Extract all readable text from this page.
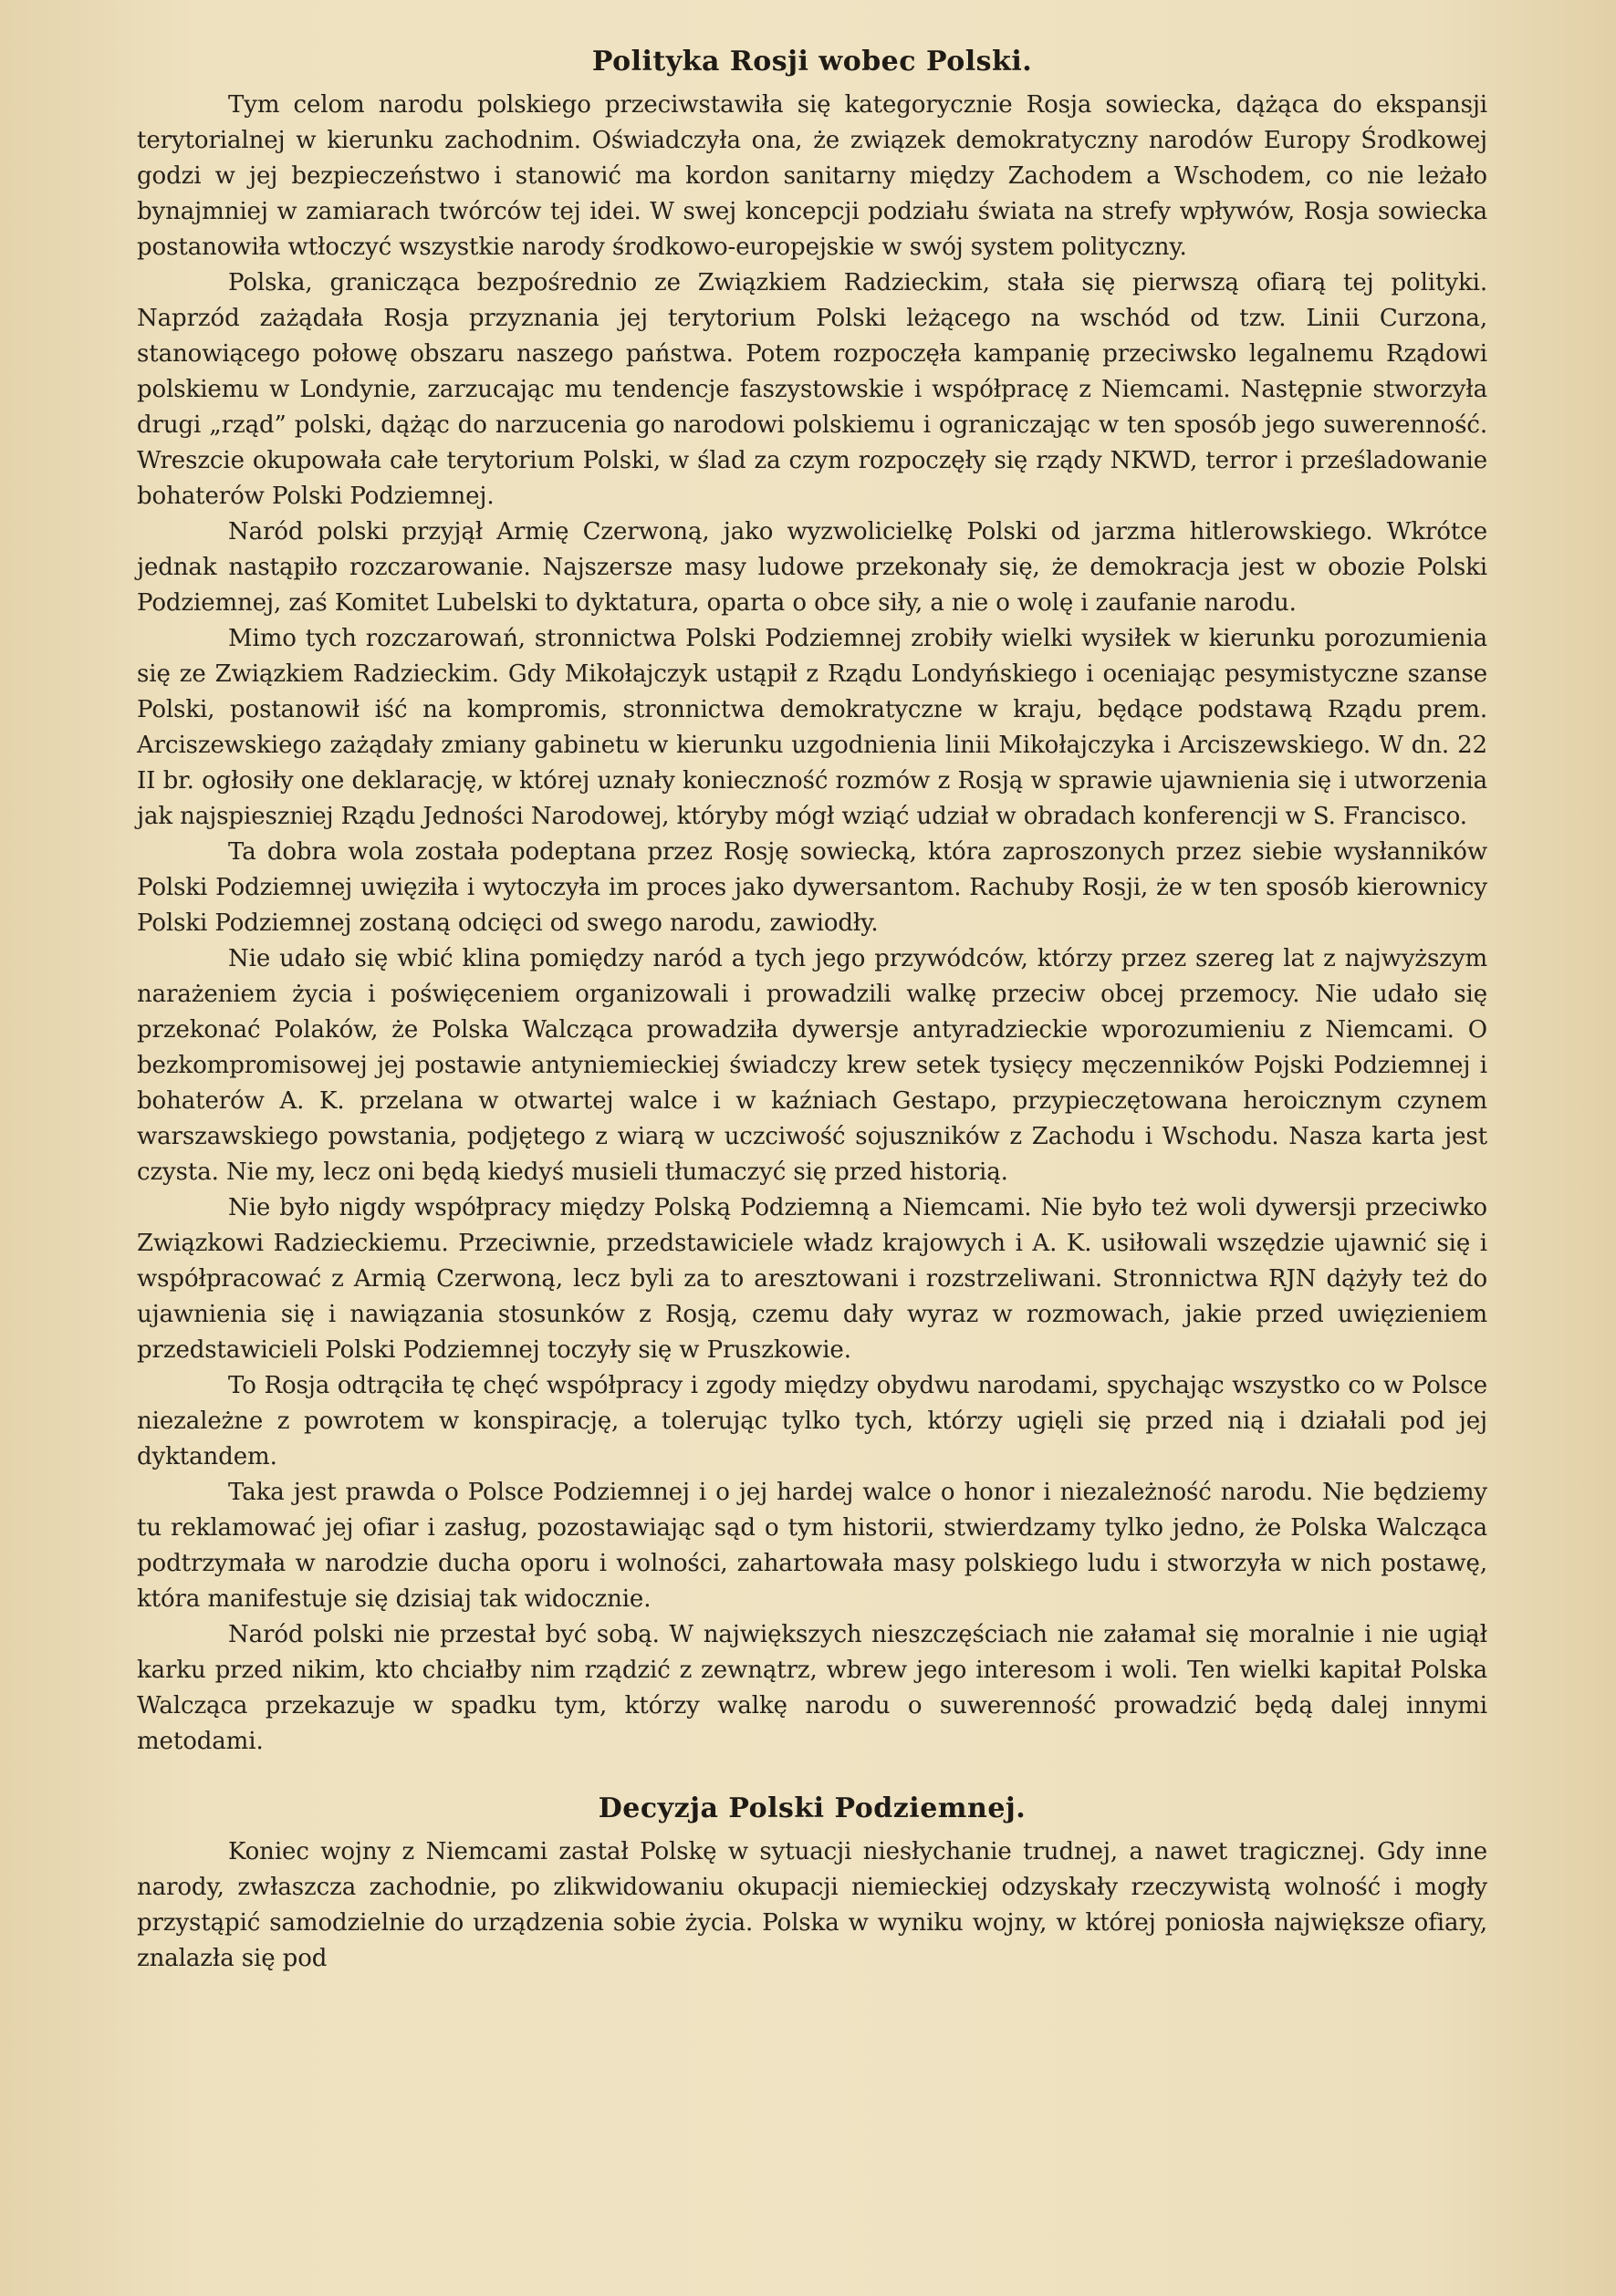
Polityka Rosji wobec Polski.

Tym celom narodu polskiego przeciwstawiła się kategorycznie Rosja sowiecka, dążąca do ekspansji terytorialnej w kierunku zachodnim. Oświadczyła ona, że związek demokratyczny narodów Europy Środkowej godzi w jej bezpieczeństwo i stanowić ma kordon sanitarny między Zachodem a Wschodem, co nie leżało bynajmniej w zamiarach twórców tej idei. W swej koncepcji podziału świata na strefy wpływów, Rosja sowiecka postanowiła wtłoczyć wszystkie narody środkowo-europejskie w swój system polityczny.

Polska, granicząca bezpośrednio ze Związkiem Radzieckim, stała się pierwszą ofiarą tej polityki. Naprzód zażądała Rosja przyznania jej terytorium Polski leżącego na wschód od tzw. Linii Curzona, stanowiącego połowę obszaru naszego państwa. Potem rozpoczęła kampanię przeciwsko legalnemu Rządowi polskiemu w Londynie, zarzucając mu tendencje faszystowskie i współpracę z Niemcami. Następnie stworzyła drugi „rząd” polski, dążąc do narzucenia go narodowi polskiemu i ograniczając w ten sposób jego suwerenność. Wreszcie okupowała całe terytorium Polski, w ślad za czym rozpoczęły się rządy NKWD, terror i prześladowanie bohaterów Polski Podziemnej.

Naród polski przyjął Armię Czerwoną, jako wyzwolicielkę Polski od jarzma hitlerowskiego. Wkrótce jednak nastąpiło rozczarowanie. Najszersze masy ludowe przekonały się, że demokracja jest w obozie Polski Podziemnej, zaś Komitet Lubelski to dyktatura, oparta o obce siły, a nie o wolę i zaufanie narodu.

Mimo tych rozczarowań, stronnictwa Polski Podziemnej zrobiły wielki wysiłek w kierunku porozumienia się ze Związkiem Radzieckim. Gdy Mikołajczyk ustąpił z Rządu Londyńskiego i oceniając pesymistyczne szanse Polski, postanowił iść na kompromis, stronnictwa demokratyczne w kraju, będące podstawą Rządu prem. Arciszewskiego zażądały zmiany gabinetu w kierunku uzgodnienia linii Mikołajczyka i Arciszewskiego. W dn. 22 II br. ogłosiły one deklarację, w której uznały konieczność rozmów z Rosją w sprawie ujawnienia się i utworzenia jak najspieszniej Rządu Jedności Narodowej, któryby mógł wziąć udział w obradach konferencji w S. Francisco.

Ta dobra wola została podeptana przez Rosję sowiecką, która zaproszonych przez siebie wysłanników Polski Podziemnej uwięziła i wytoczyła im proces jako dywersantom. Rachuby Rosji, że w ten sposób kierownicy Polski Podziemnej zostaną odcięci od swego narodu, zawiodły.

Nie udało się wbić klina pomiędzy naród a tych jego przywódców, którzy przez szereg lat z najwyższym narażeniem życia i poświęceniem organizowali i prowadzili walkę przeciw obcej przemocy. Nie udało się przekonać Polaków, że Polska Walcząca prowadziła dywersje antyradzieckie wporozumieniu z Niemcami. O bezkompromisowej jej postawie antyniemieckiej świadczy krew setek tysięcy męczenników Pojski Podziemnej i bohaterów A. K. przelana w otwartej walce i w kaźniach Gestapo, przypieczętowana heroicznym czynem warszawskiego powstania, podjętego z wiarą w uczciwość sojuszników z Zachodu i Wschodu. Nasza karta jest czysta. Nie my, lecz oni będą kiedyś musieli tłumaczyć się przed historią.

Nie było nigdy współpracy między Polską Podziemną a Niemcami. Nie było też woli dywersji przeciwko Związkowi Radzieckiemu. Przeciwnie, przedstawiciele władz krajowych i A. K. usiłowali wszędzie ujawnić się i współpracować z Armią Czerwoną, lecz byli za to aresztowani i rozstrzeliwani. Stronnictwa RJN dążyły też do ujawnienia się i nawiązania stosunków z Rosją, czemu dały wyraz w rozmowach, jakie przed uwięzieniem przedstawicieli Polski Podziemnej toczyły się w Pruszkowie.

To Rosja odtrąciła tę chęć współpracy i zgody między obydwu narodami, spychając wszystko co w Polsce niezależne z powrotem w konspirację, a tolerując tylko tych, którzy ugięli się przed nią i działali pod jej dyktandem.

Taka jest prawda o Polsce Podziemnej i o jej hardej walce o honor i niezależność narodu. Nie będziemy tu reklamować jej ofiar i zasług, pozostawiając sąd o tym historii, stwierdzamy tylko jedno, że Polska Walcząca podtrzymała w narodzie ducha oporu i wolności, zahartowała masy polskiego ludu i stworzyła w nich postawę, która manifestuje się dzisiaj tak widocznie.

Naród polski nie przestał być sobą. W największych nieszczęściach nie załamał się moralnie i nie ugiął karku przed nikim, kto chciałby nim rządzić z zewnątrz, wbrew jego interesom i woli. Ten wielki kapitał Polska Walcząca przekazuje w spadku tym, którzy walkę narodu o suwerenność prowadzić będą dalej innymi metodami.

Decyzja Polski Podziemnej.

Koniec wojny z Niemcami zastał Polskę w sytuacji niesłychanie trudnej, a nawet tragicznej. Gdy inne narody, zwłaszcza zachodnie, po zlikwidowaniu okupacji niemieckiej odzyskały rzeczywistą wolność i mogły przystąpić samodzielnie do urządzenia sobie życia. Polska w wyniku wojny, w której poniosła największe ofiary, znalazła się pod
